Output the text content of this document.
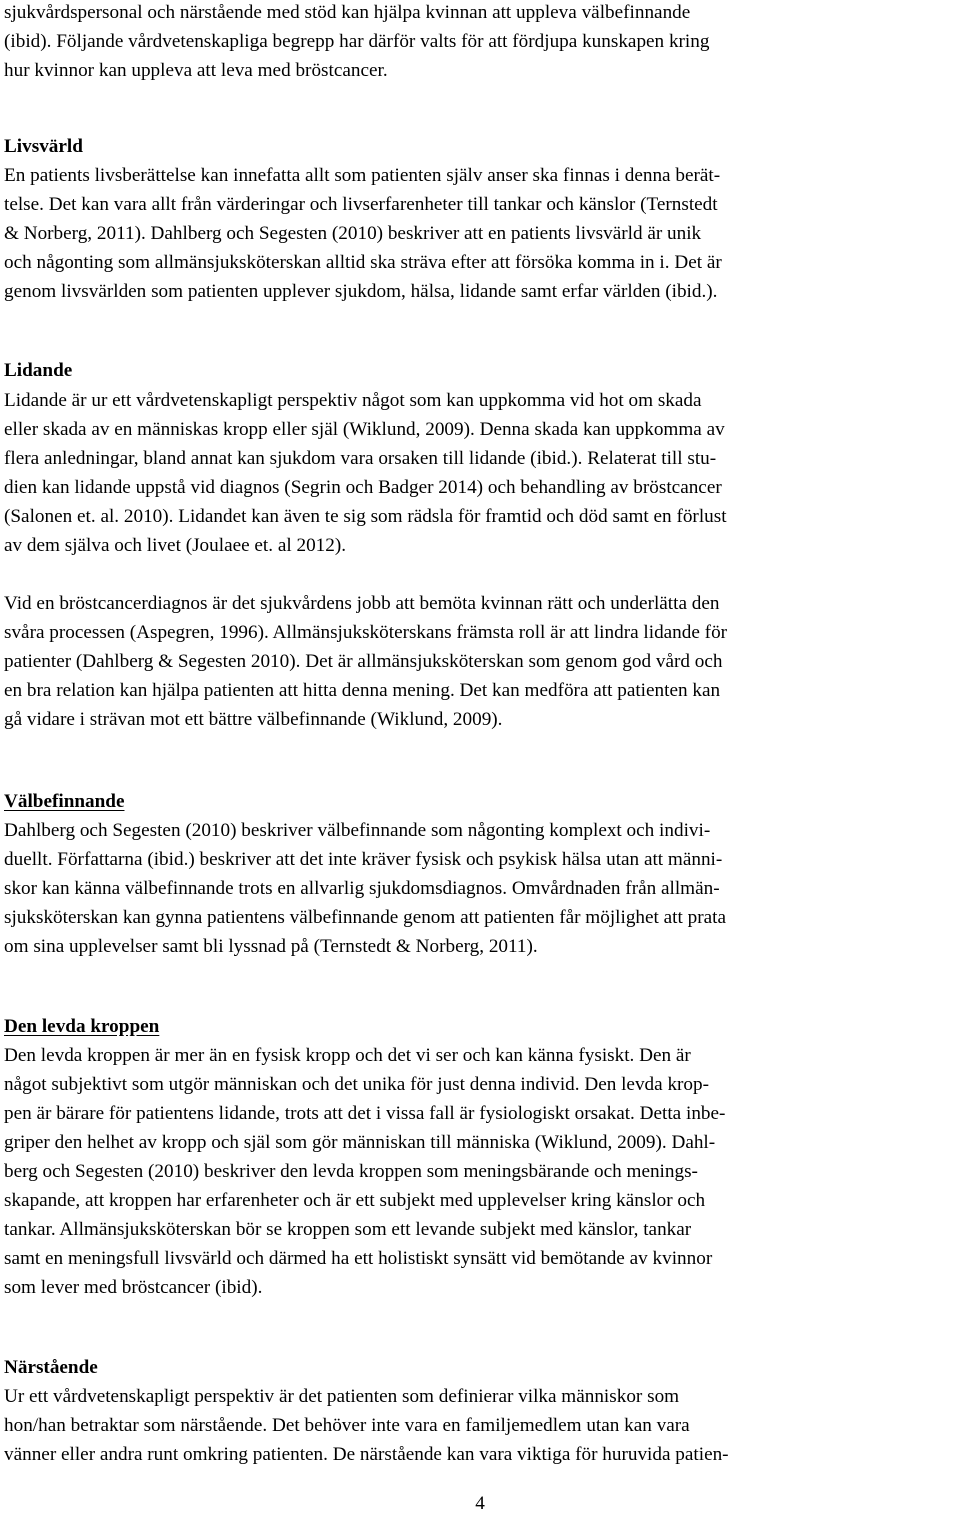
sjukvårdspersonal och närstående med stöd kan hjälpa kvinnan att uppleva välbefinnande
(ibid). Följande vårdvetenskapliga begrepp har därför valts för att fördjupa kunskapen kring
hur kvinnor kan uppleva att leva med bröstcancer.
Livsvärld
En patients livsberättelse kan innefatta allt som patienten själv anser ska finnas i denna berät-
telse. Det kan vara allt från värderingar och livserfarenheter till tankar och känslor (Ternstedt
& Norberg, 2011). Dahlberg och Segesten (2010) beskriver att en patients livsvärld är unik
och någonting som allmänsjuksköterskan alltid ska sträva efter att försöka komma in i. Det är
genom livsvärlden som patienten upplever sjukdom, hälsa, lidande samt erfar världen (ibid.).
Lidande
Lidande är ur ett vårdvetenskapligt perspektiv något som kan uppkomma vid hot om skada
eller skada av en människas kropp eller själ (Wiklund, 2009). Denna skada kan uppkomma av
flera anledningar, bland annat kan sjukdom vara orsaken till lidande (ibid.). Relaterat till stu-
dien kan lidande uppstå vid diagnos (Segrin och Badger 2014) och behandling av bröstcancer
(Salonen et. al. 2010). Lidandet kan även te sig som rädsla för framtid och död samt en förlust
av dem själva och livet (Joulaee et. al 2012).
Vid en bröstcancerdiagnos är det sjukvårdens jobb att bemöta kvinnan rätt och underlätta den
svåra processen (Aspegren, 1996). Allmänsjuksköterskans främsta roll är att lindra lidande för
patienter (Dahlberg & Segesten 2010). Det är allmänsjuksköterskan som genom god vård och
en bra relation kan hjälpa patienten att hitta denna mening. Det kan medföra att patienten kan
gå vidare i strävan mot ett bättre välbefinnande (Wiklund, 2009).
Välbefinnande
Dahlberg och Segesten (2010) beskriver välbefinnande som någonting komplext och indivi-
duellt. Författarna (ibid.) beskriver att det inte kräver fysisk och psykisk hälsa utan att männi-
skor kan känna välbefinnande trots en allvarlig sjukdomsdiagnos. Omvårdnaden från allmän-
sjuksköterskan kan gynna patientens välbefinnande genom att patienten får möjlighet att prata
om sina upplevelser samt bli lyssnad på (Ternstedt & Norberg, 2011).
Den levda kroppen
Den levda kroppen är mer än en fysisk kropp och det vi ser och kan känna fysiskt. Den är
något subjektivt som utgör människan och det unika för just denna individ. Den levda krop-
pen är bärare för patientens lidande, trots att det i vissa fall är fysiologiskt orsakat. Detta inbe-
griper den helhet av kropp och själ som gör människan till människa (Wiklund, 2009). Dahl-
berg och Segesten (2010) beskriver den levda kroppen som meningsbärande och menings-
skapande, att kroppen har erfarenheter och är ett subjekt med upplevelser kring känslor och
tankar. Allmänsjuksköterskan bör se kroppen som ett levande subjekt med känslor, tankar
samt en meningsfull livsvärld och därmed ha ett holistiskt synsätt vid bemötande av kvinnor
som lever med bröstcancer (ibid).
Närstående
Ur ett vårdvetenskapligt perspektiv är det patienten som definierar vilka människor som
hon/han betraktar som närstående. Det behöver inte vara en familjemedlem utan kan vara
vänner eller andra runt omkring patienten. De närstående kan vara viktiga för huruvida patien-
4
